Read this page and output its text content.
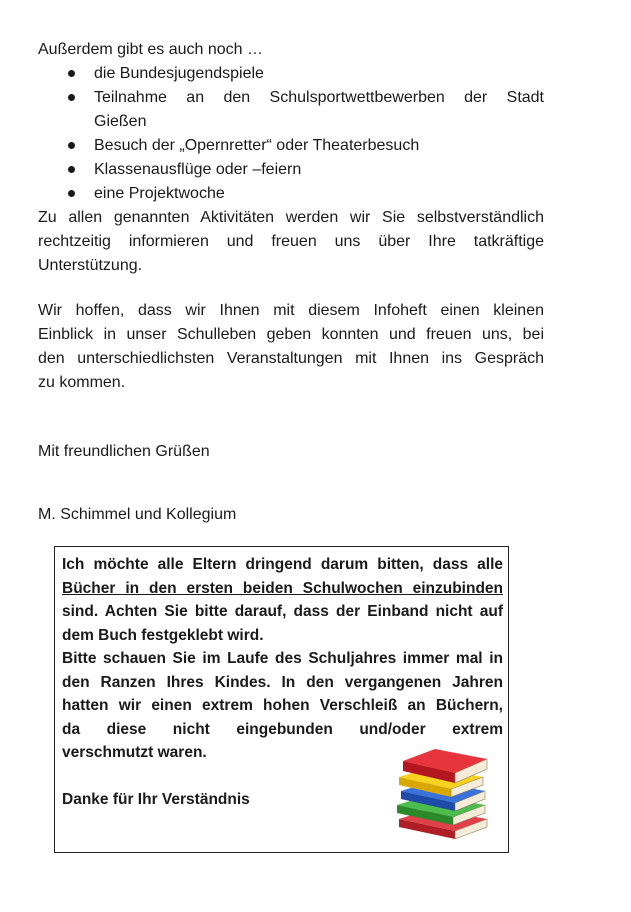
Außerdem gibt es auch noch …

die Bundesjugendspiele
Teilnahme an den Schulsportwettbewerben der Stadt
Gießen
Besuch der „Opernretter“ oder Theaterbesuch
Klassenausflüge oder –feiern
eine Projektwoche
Zu allen genannten Aktivitäten werden wir Sie selbstverständlich
rechtzeitig informieren und freuen uns über Ihre tatkräftige
Unterstützung.
Wir hoffen, dass wir Ihnen mit diesem Infoheft einen kleinen
Einblick in unser Schulleben geben konnten und freuen uns, bei
den unterschiedlichsten Veranstaltungen mit Ihnen ins Gespräch
zu kommen.

Mit freundlichen Grüßen

M. Schimmel und Kollegium

Ich möchte alle Eltern dringend darum bitten, dass alle

Bücher in den ersten beiden Schulwochen einzubinden

sind. Achten Sie bitte darauf, dass der Einband nicht auf

dem Buch festgeklebt wird.

Bitte schauen Sie im Laufe des Schuljahres immer mal in

den Ranzen Ihres Kindes. In den vergangenen Jahren

hatten wir einen extrem hohen Verschleiß an Büchern,

da diese nicht eingebunden und/oder extrem

verschmutzt waren.

Danke für Ihr Verständnis
